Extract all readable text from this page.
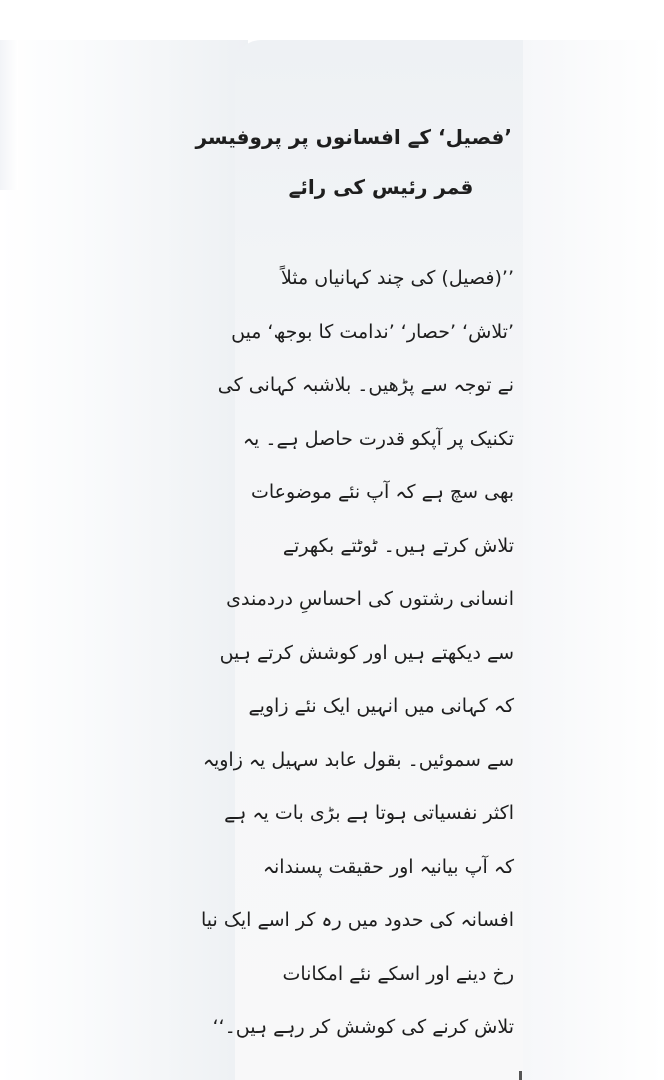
’فصیل‘ کے افسانوں پر پروفیسر
قمر رئیس کی رائے
’’(فصیل) کی چند کہانیاں مثلاً
’تلاش‘ ’حصار‘ ’ندامت کا بوجھ‘ میں
نے توجہ سے پڑھیں۔ بلاشبہ کہانی کی
تکنیک پر آپکو قدرت حاصل ہے۔ یہ
بھی سچ ہے کہ آپ نئے موضوعات
تلاش کرتے ہیں۔ ٹوٹتے بکھرتے
انسانی رشتوں کی احساسِ دردمندی
سے دیکھتے ہیں اور کوشش کرتے ہیں
کہ کہانی میں انہیں ایک نئے زاویے
سے سموئیں۔ بقول عابد سہیل یہ زاویہ
اکثر نفسیاتی ہوتا ہے بڑی بات یہ ہے
کہ آپ بیانیہ اور حقیقت پسندانہ
افسانہ کی حدود میں رہ کر اسے ایک نیا
رخ دینے اور اسکے نئے امکانات
تلاش کرنے کی کوشش کر رہے ہیں۔‘‘
